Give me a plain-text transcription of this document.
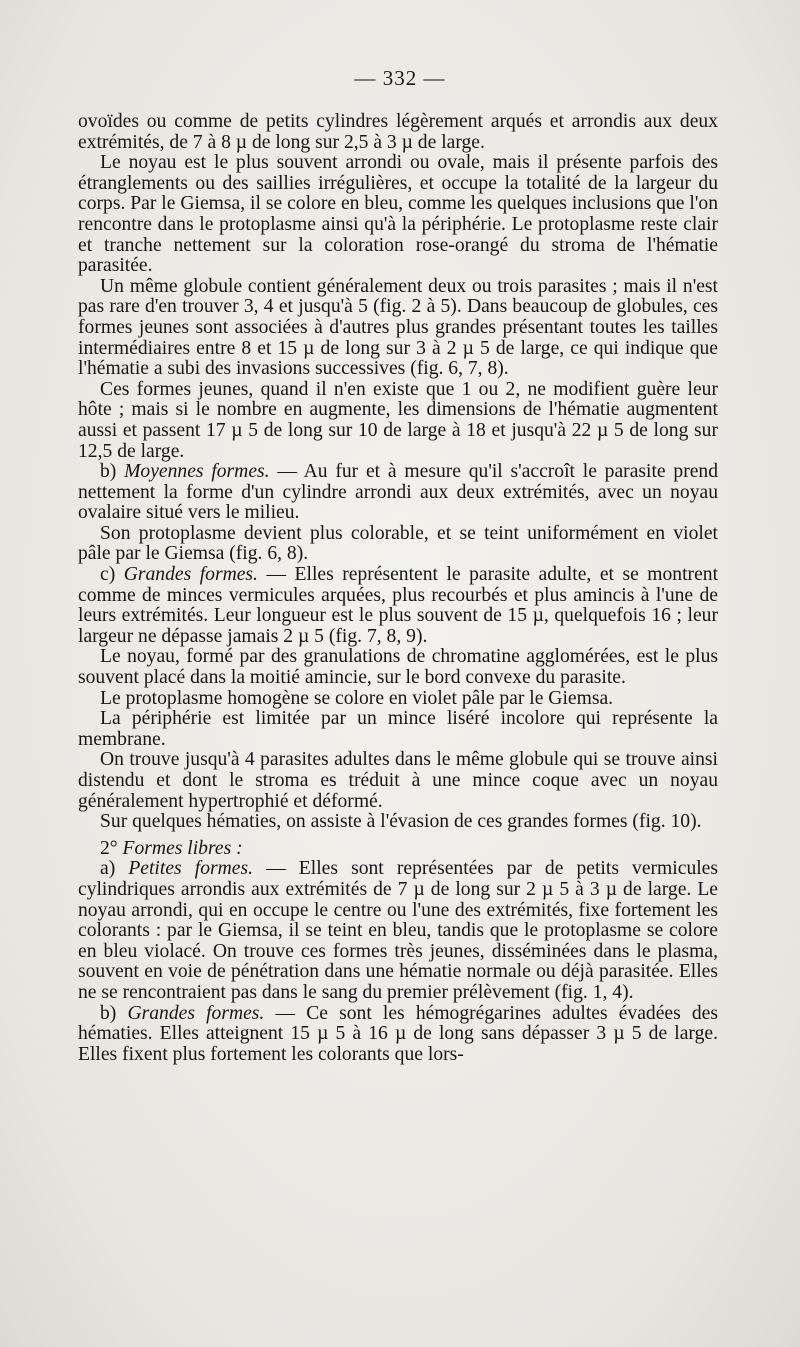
— 332 —

ovoïdes ou comme de petits cylindres légèrement arqués et arrondis aux deux extrémités, de 7 à 8 µ de long sur 2,5 à 3 µ de large.

Le noyau est le plus souvent arrondi ou ovale, mais il présente parfois des étranglements ou des saillies irrégulières, et occupe la totalité de la largeur du corps. Par le Giemsa, il se colore en bleu, comme les quelques inclusions que l'on rencontre dans le protoplasme ainsi qu'à la périphérie. Le protoplasme reste clair et tranche nettement sur la coloration rose-orangé du stroma de l'hématie parasitée.

Un même globule contient généralement deux ou trois parasites ; mais il n'est pas rare d'en trouver 3, 4 et jusqu'à 5 (fig. 2 à 5). Dans beaucoup de globules, ces formes jeunes sont associées à d'autres plus grandes présentant toutes les tailles intermédiaires entre 8 et 15 µ de long sur 3 à 2 µ 5 de large, ce qui indique que l'hématie a subi des invasions successives (fig. 6, 7, 8).

Ces formes jeunes, quand il n'en existe que 1 ou 2, ne modifient guère leur hôte ; mais si le nombre en augmente, les dimensions de l'hématie augmentent aussi et passent 17 µ 5 de long sur 10 de large à 18 et jusqu'à 22 µ 5 de long sur 12,5 de large.

b) Moyennes formes. — Au fur et à mesure qu'il s'accroît le parasite prend nettement la forme d'un cylindre arrondi aux deux extrémités, avec un noyau ovalaire situé vers le milieu.

Son protoplasme devient plus colorable, et se teint uniformément en violet pâle par le Giemsa (fig. 6, 8).

c) Grandes formes. — Elles représentent le parasite adulte, et se montrent comme de minces vermicules arquées, plus recourbés et plus amincis à l'une de leurs extrémités. Leur longueur est le plus souvent de 15 µ, quelquefois 16 ; leur largeur ne dépasse jamais 2 µ 5 (fig. 7, 8, 9).

Le noyau, formé par des granulations de chromatine agglomérées, est le plus souvent placé dans la moitié amincie, sur le bord convexe du parasite.

Le protoplasme homogène se colore en violet pâle par le Giemsa.

La périphérie est limitée par un mince liséré incolore qui représente la membrane.

On trouve jusqu'à 4 parasites adultes dans le même globule qui se trouve ainsi distendu et dont le stroma es tréduit à une mince coque avec un noyau généralement hypertrophié et déformé.

Sur quelques hématies, on assiste à l'évasion de ces grandes formes (fig. 10).

2° Formes libres :

a) Petites formes. — Elles sont représentées par de petits vermicules cylindriques arrondis aux extrémités de 7 µ de long sur 2 µ 5 à 3 µ de large. Le noyau arrondi, qui en occupe le centre ou l'une des extrémités, fixe fortement les colorants : par le Giemsa, il se teint en bleu, tandis que le protoplasme se colore en bleu violacé. On trouve ces formes très jeunes, disséminées dans le plasma, souvent en voie de pénétration dans une hématie normale ou déjà parasitée. Elles ne se rencontraient pas dans le sang du premier prélèvement (fig. 1, 4).

b) Grandes formes. — Ce sont les hémogrégarines adultes évadées des hématies. Elles atteignent 15 µ 5 à 16 µ de long sans dépasser 3 µ 5 de large. Elles fixent plus fortement les colorants que lors-
